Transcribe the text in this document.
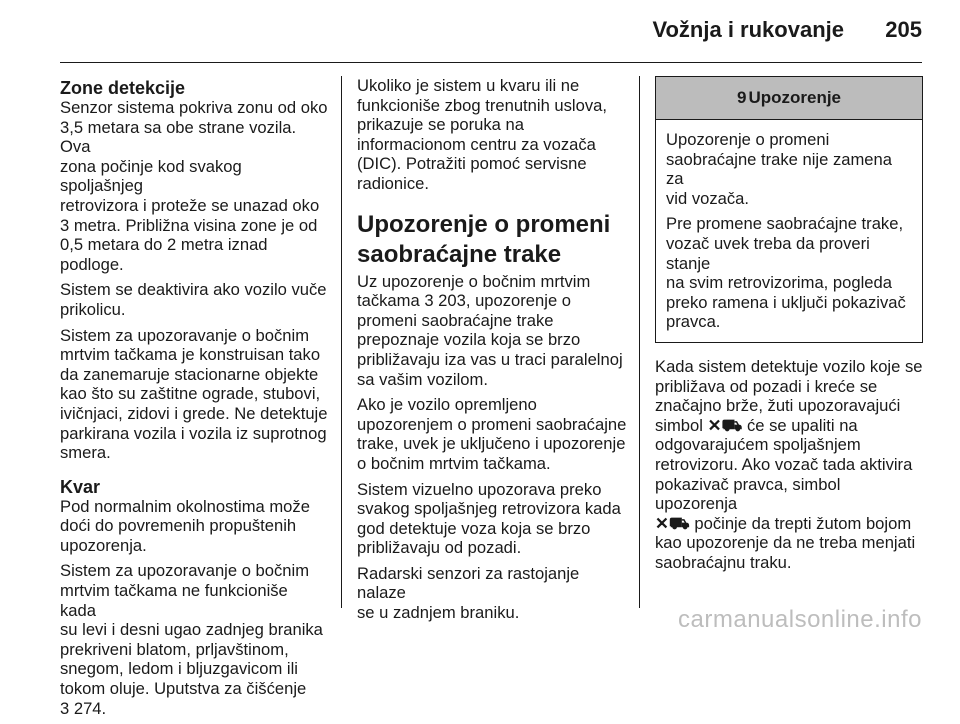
Vožnja i rukovanje 205
Zone detekcije

Senzor sistema pokriva zonu od oko
3,5 metara sa obe strane vozila. Ova
zona počinje kod svakog spoljašnjeg
retrovizora i proteže se unazad oko
3 metra. Približna visina zone je od
0,5 metara do 2 metra iznad podloge.

Sistem se deaktivira ako vozilo vuče
prikolicu.

Sistem za upozoravanje o bočnim
mrtvim tačkama je konstruisan tako
da zanemaruje stacionarne objekte
kao što su zaštitne ograde, stubovi,
ivičnjaci, zidovi i grede. Ne detektuje
parkirana vozila i vozila iz suprotnog
smera.

Kvar

Pod normalnim okolnostima može
doći do povremenih propuštenih
upozorenja.

Sistem za upozoravanje o bočnim
mrtvim tačkama ne funkcioniše kada
su levi i desni ugao zadnjeg branika
prekriveni blatom, prljavštinom,
snegom, ledom i bljuzgavicom ili
tokom oluje. Uputstva za čišćenje
3 274.

Ukoliko je sistem u kvaru ili ne
funkcioniše zbog trenutnih uslova,
prikazuje se poruka na
informacionom centru za vozača
(DIC). Potražiti pomoć servisne
radionice.

Upozorenje o promeni
saobraćajne trake

Uz upozorenje o bočnim mrtvim
tačkama 3 203, upozorenje o
promeni saobraćajne trake
prepoznaje vozila koja se brzo
približavaju iza vas u traci paralelnoj
sa vašim vozilom.

Ako je vozilo opremljeno
upozorenjem o promeni saobraćajne
trake, uvek je uključeno i upozorenje
o bočnim mrtvim tačkama.

Sistem vizuelno upozorava preko
svakog spoljašnjeg retrovizora kada
god detektuje voza koja se brzo
približavaju od pozadi.

Radarski senzori za rastojanje nalaze
se u zadnjem braniku.

9 Upozorenje

Upozorenje o promeni
saobraćajne trake nije zamena za
vid vozača.

Pre promene saobraćajne trake,
vozač uvek treba da proveri stanje
na svim retrovizorima, pogleda
preko ramena i uključi pokazivač
pravca.

Kada sistem detektuje vozilo koje se
približava od pozadi i kreće se
značajno brže, žuti upozoravajući
simbol ✕⛟ će se upaliti na
odgovarajućem spoljašnjem
retrovizoru. Ako vozač tada aktivira
pokazivač pravca, simbol upozorenja
✕⛟ počinje da trepti žutom bojom
kao upozorenje da ne treba menjati
saobraćajnu traku.

carmanualsonline.info
